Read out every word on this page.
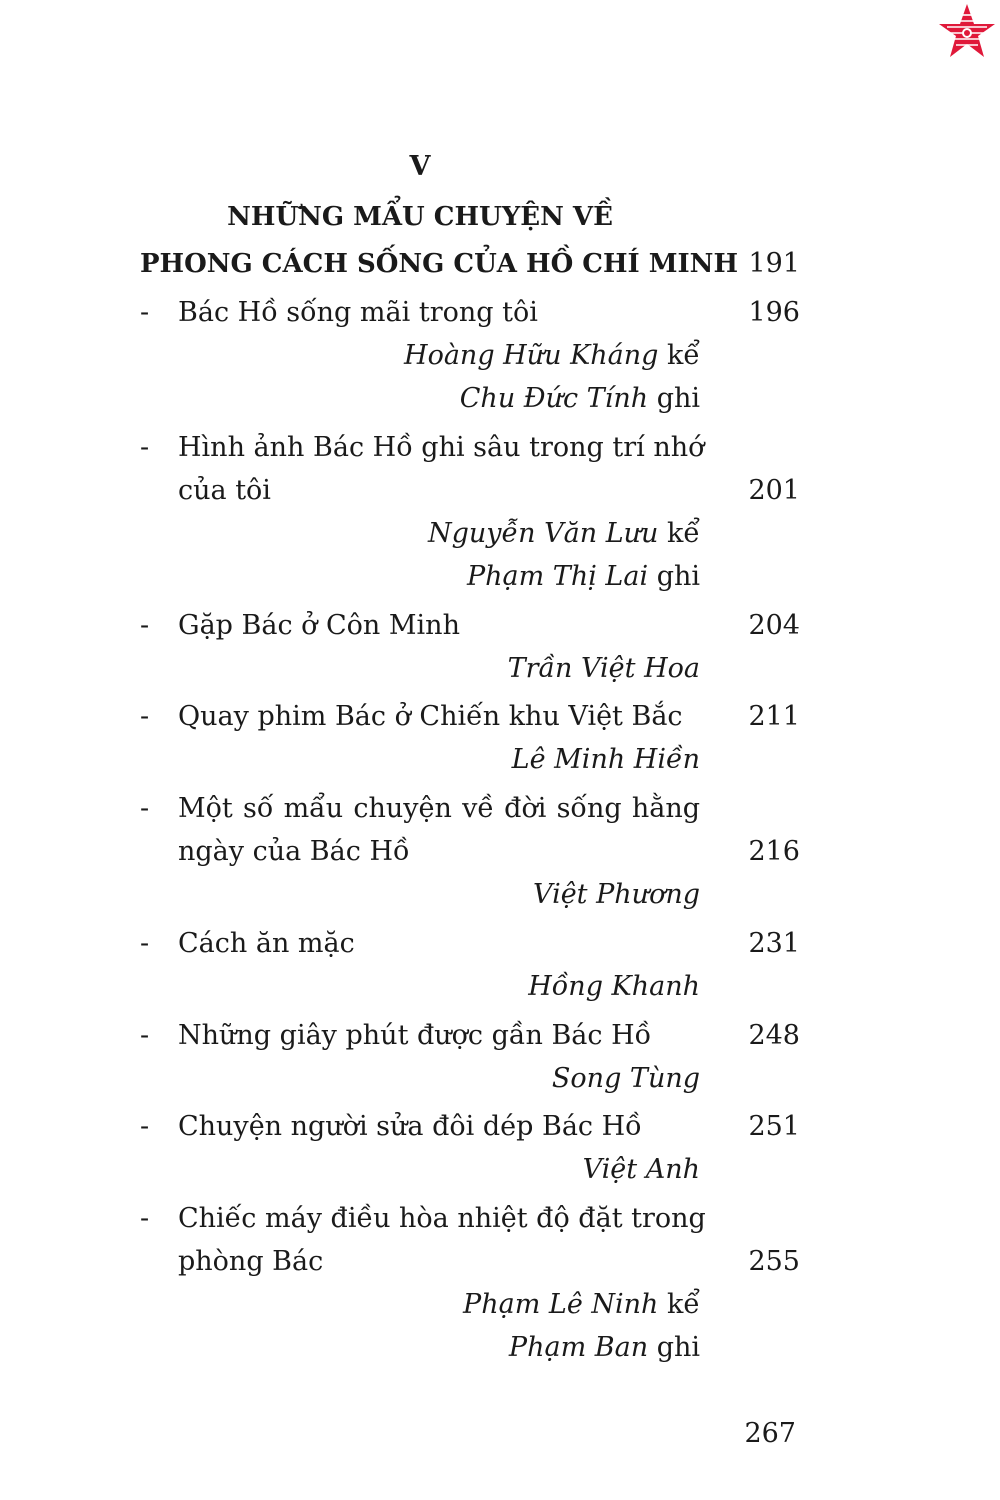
V
NHỮNG MẨU CHUYỆN VỀ
PHONG CÁCH SỐNG CỦA HỒ CHÍ MINH 191
- Bác Hồ sống mãi trong tôi	196
Hoàng Hữu Kháng kể
Chu Đức Tính ghi
- Hình ảnh Bác Hồ ghi sâu trong trí nhớ
của tôi	201
Nguyễn Văn Lưu kể
Phạm Thị Lai ghi
- Gặp Bác ở Côn Minh	204
Trần Việt Hoa
- Quay phim Bác ở Chiến khu Việt Bắc	211
Lê Minh Hiền
- Một số mẩu chuyện về đời sống hằng
ngày của Bác Hồ	216
Việt Phương
- Cách ăn mặc	231
Hồng Khanh
- Những giây phút được gần Bác Hồ	248
Song Tùng
- Chuyện người sửa đôi dép Bác Hồ	251
Việt Anh
- Chiếc máy điều hòa nhiệt độ đặt trong
phòng Bác	255
Phạm Lê Ninh kể
Phạm Ban ghi
267
